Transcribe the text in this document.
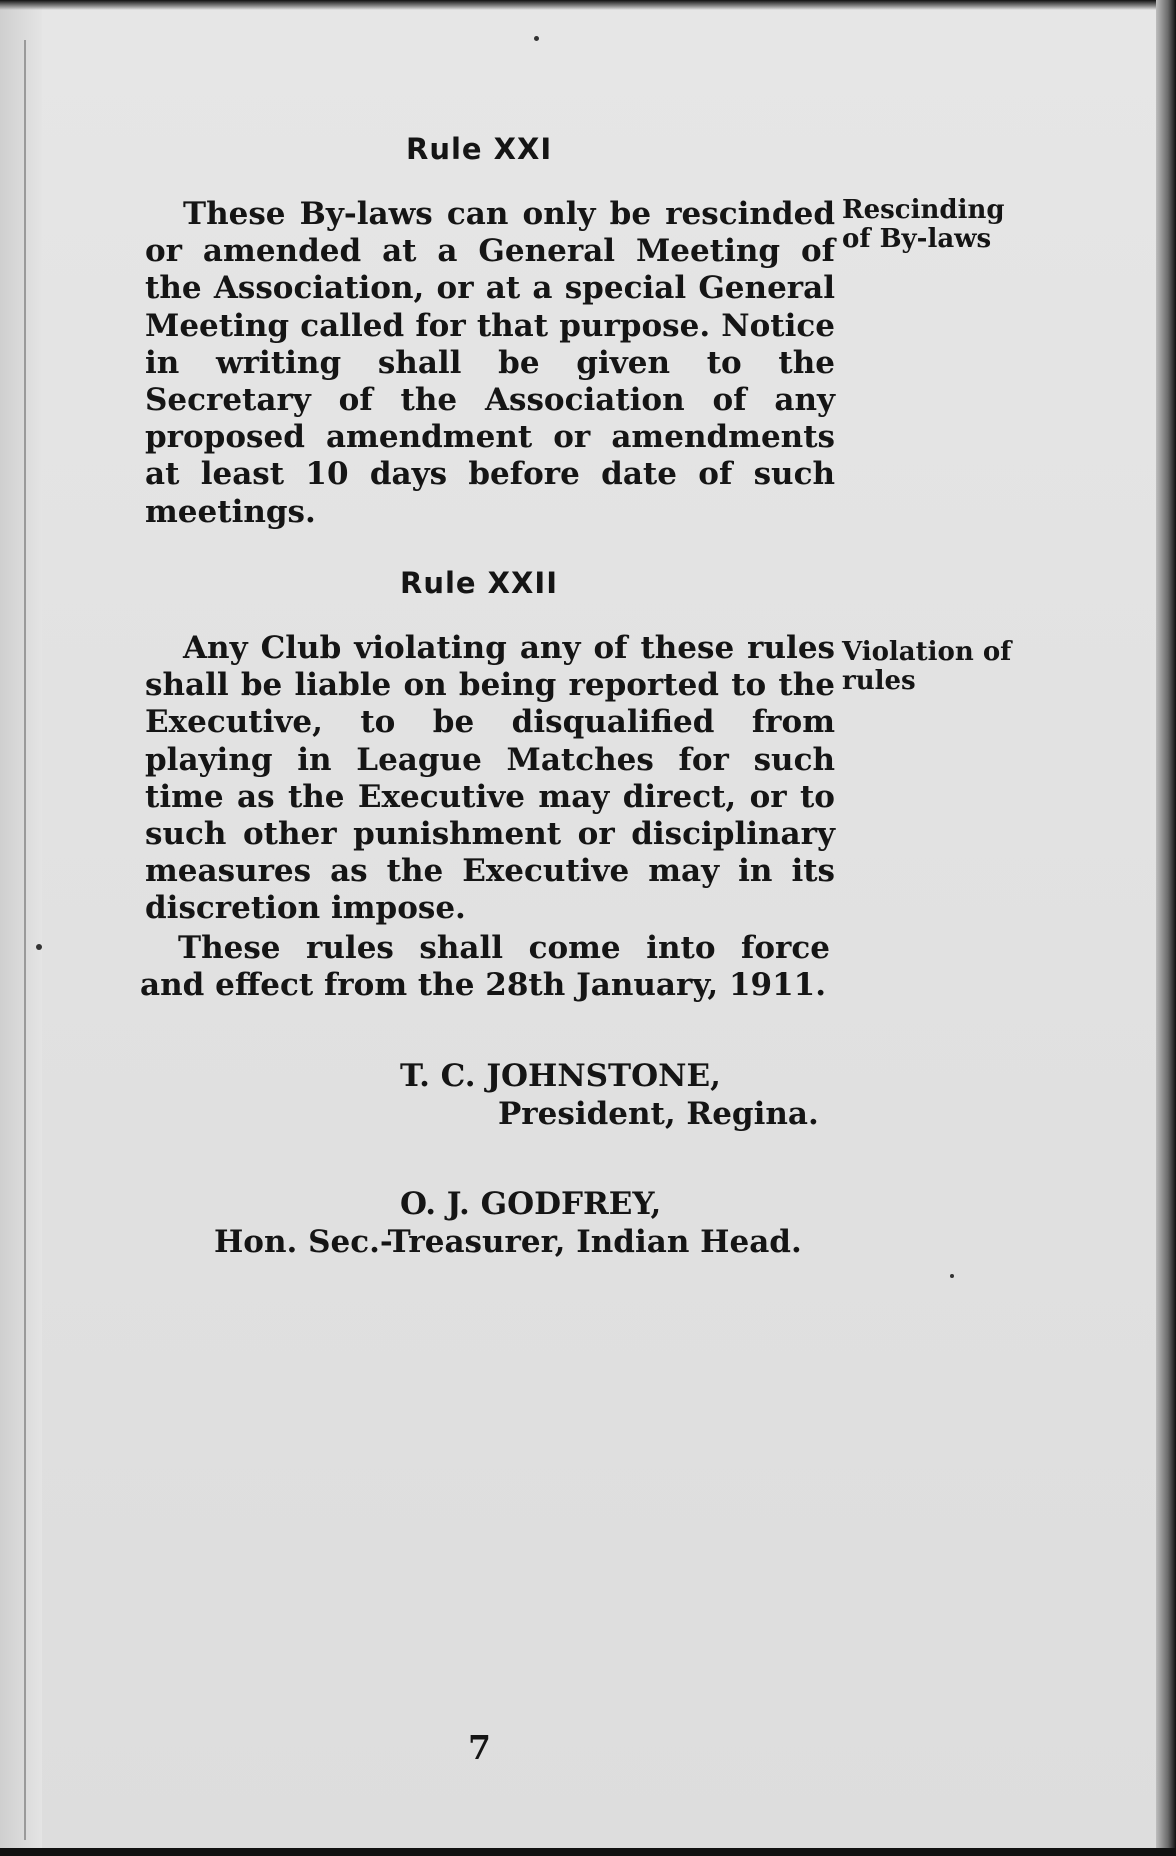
Rule XXI

These By-laws can only be rescinded or amended at a General Meeting of the Association, or at a special General Meeting called for that purpose. Notice in writing shall be given to the Secretary of the Association of any proposed amendment or amendments at least 10 days before date of such meetings.

Rescinding of By-laws

Rule XXII

Any Club violating any of these rules shall be liable on being reported to the Executive, to be disqualified from playing in League Matches for such time as the Executive may direct, or to such other punishment or disciplinary measures as the Executive may in its discretion impose.

Violation of rules

These rules shall come into force and effect from the 28th January, 1911.

T. C. JOHNSTONE,

President, Regina.

O. J. GODFREY,

Hon. Sec.-Treasurer, Indian Head.

7
